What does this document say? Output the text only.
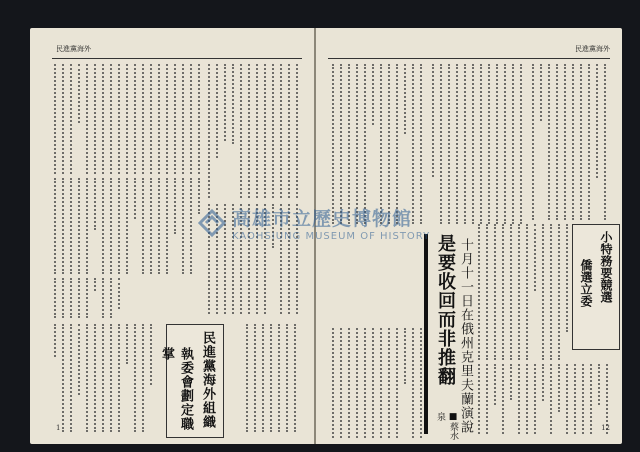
民進黨海外
民進黨海外組織
執委會劃定職掌
1
民進黨海外
是要收回而非推翻
■蔡水泉	十月十一日在俄州克里夫蘭演說	小特務要競選
僑選立委
12
高雄市立歷史博物館
KAOHSIUNG MUSEUM OF HISTORY
